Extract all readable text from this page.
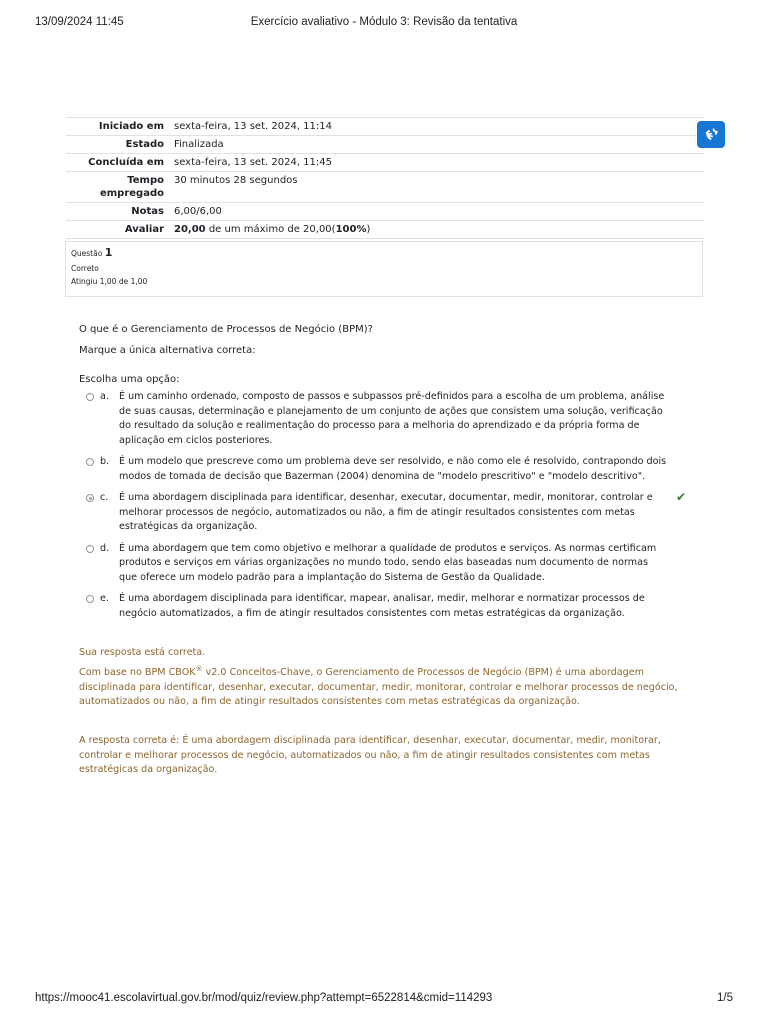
13/09/2024 11:45	Exercício avaliativo - Módulo 3: Revisão da tentativa
Iniciado em	sexta-feira, 13 set. 2024, 11:14
Estado	Finalizada
Concluída em	sexta-feira, 13 set. 2024, 11:45
Tempo empregado	30 minutos 28 segundos
Notas	6,00/6,00
Avaliar	20,00 de um máximo de 20,00(100%)
Questão 1
Correto
Atingiu 1,00 de 1,00
O que é o Gerenciamento de Processos de Negócio (BPM)?
Marque a única alternativa correta:
Escolha uma opção:
a. É um caminho ordenado, composto de passos e subpassos pré-definidos para a escolha de um problema, análise de suas causas, determinação e planejamento de um conjunto de ações que consistem uma solução, verificação do resultado da solução e realimentação do processo para a melhoria do aprendizado e da própria forma de aplicação em ciclos posteriores.
b. É um modelo que prescreve como um problema deve ser resolvido, e não como ele é resolvido, contrapondo dois modos de tomada de decisão que Bazerman (2004) denomina de "modelo prescritivo" e "modelo descritivo".
c. É uma abordagem disciplinada para identificar, desenhar, executar, documentar, medir, monitorar, controlar e melhorar processos de negócio, automatizados ou não, a fim de atingir resultados consistentes com metas estratégicas da organização.
✔
d. É uma abordagem que tem como objetivo e melhorar a qualidade de produtos e serviços. As normas certificam produtos e serviços em várias organizações no mundo todo, sendo elas baseadas num documento de normas que oferece um modelo padrão para a implantação do Sistema de Gestão da Qualidade.
e. É uma abordagem disciplinada para identificar, mapear, analisar, medir, melhorar e normatizar processos de negócio automatizados, a fim de atingir resultados consistentes com metas estratégicas da organização.
Sua resposta está correta.
Com base no BPM CBOK® v2.0 Conceitos-Chave, o Gerenciamento de Processos de Negócio (BPM) é uma abordagem disciplinada para identificar, desenhar, executar, documentar, medir, monitorar, controlar e melhorar processos de negócio, automatizados ou não, a fim de atingir resultados consistentes com metas estratégicas da organização.
A resposta correta é: É uma abordagem disciplinada para identificar, desenhar, executar, documentar, medir, monitorar, controlar e melhorar processos de negócio, automatizados ou não, a fim de atingir resultados consistentes com metas estratégicas da organização.
https://mooc41.escolavirtual.gov.br/mod/quiz/review.php?attempt=6522814&cmid=114293	1/5
